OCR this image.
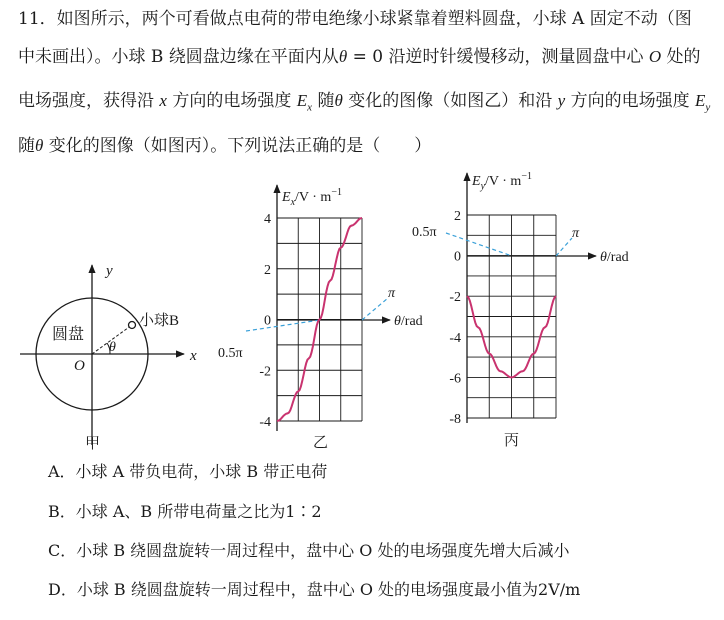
11．如图所示，两个可看做点电荷的带电绝缘小球紧靠着塑料圆盘，小球 A 固定不动（图
中未画出）。小球 B 绕圆盘边缘在平面内从θ = 0 沿逆时针缓慢移动，测量圆盘中心 O 处的
电场强度，获得沿 x 方向的电场强度 $E_x$ 随θ 变化的图像（如图乙）和沿 y 方向的电场强度 $E_y$
随θ 变化的图像（如图丙）。下列说法正确的是（　　）
y
x
O
圆盘
小球B
θ
甲
$E_x/V \cdot m^{-1}$
θ/rad
-4
-2
0
2
4
0.5π
π
乙
$E_y/V \cdot m^{-1}$
θ/rad
-8
-6
-4
-2
0
2
0.5π	π
丙
A．小球 A 带负电荷，小球 B 带正电荷
B．小球 A、B 所带电荷量之比为1∶2
C．小球 B 绕圆盘旋转一周过程中，盘中心 O 处的电场强度先增大后减小
D．小球 B 绕圆盘旋转一周过程中，盘中心 O 处的电场强度最小值为2V/m
